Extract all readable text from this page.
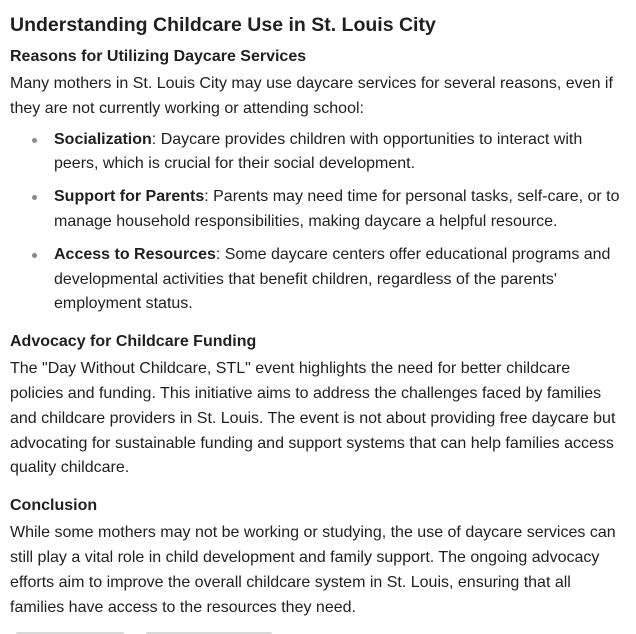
Understanding Childcare Use in St. Louis City
Reasons for Utilizing Daycare Services

Many mothers in St. Louis City may use daycare services for several reasons, even if they are not currently working or attending school:

Socialization: Daycare provides children with opportunities to interact with peers, which is crucial for their social development.
Support for Parents: Parents may need time for personal tasks, self-care, or to manage household responsibilities, making daycare a helpful resource.
Access to Resources: Some daycare centers offer educational programs and developmental activities that benefit children, regardless of the parents' employment status.
Advocacy for Childcare Funding

The "Day Without Childcare, STL" event highlights the need for better childcare policies and funding. This initiative aims to address the challenges faced by families and childcare providers in St. Louis. The event is not about providing free daycare but advocating for sustainable funding and support systems that can help families access quality childcare.

Conclusion

While some mothers may not be working or studying, the use of daycare services can still play a vital role in child development and family support. The ongoing advocacy efforts aim to improve the overall childcare system in St. Louis, ensuring that all families have access to the resources they need.
